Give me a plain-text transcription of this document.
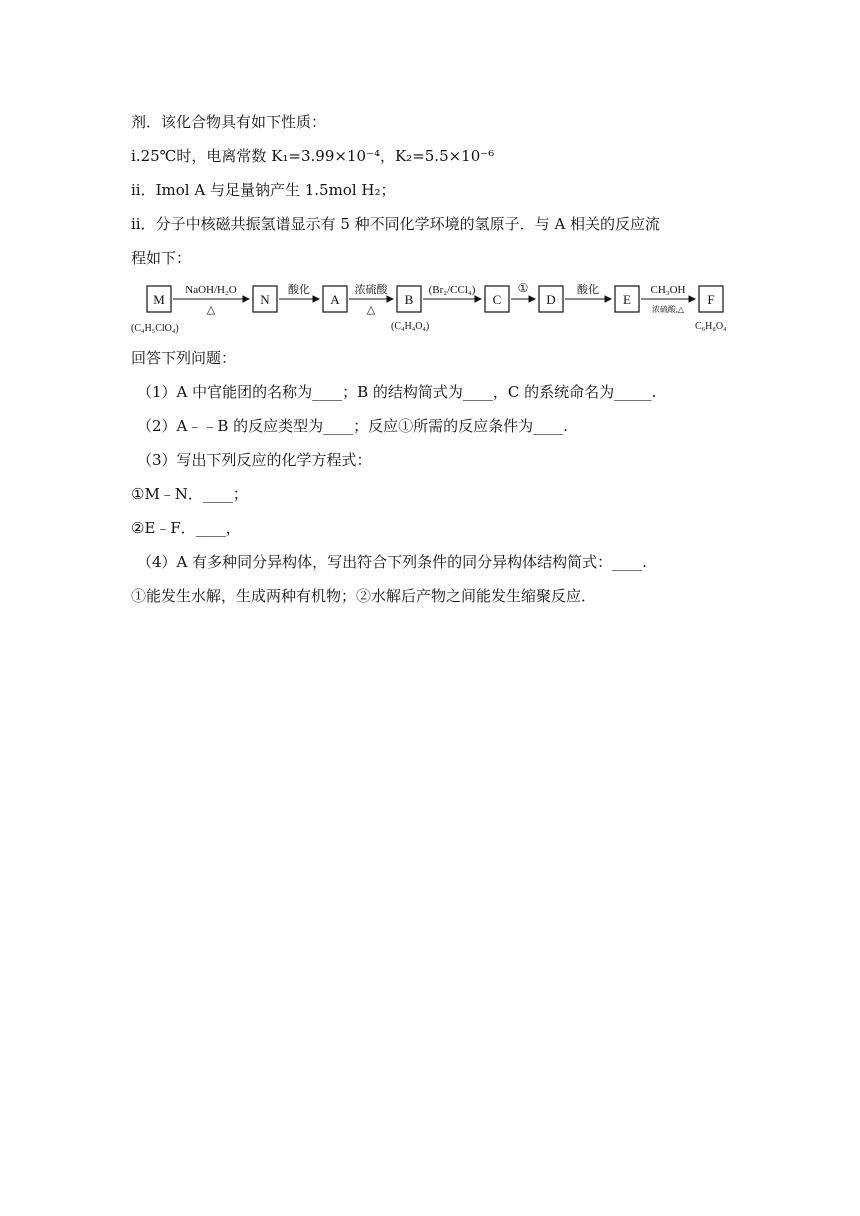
剂．该化合物具有如下性质：
i.25℃时，电离常数 K₁=3.99×10⁻⁴，K₂=5.5×10⁻⁶
ii．Imol A 与足量钠产生 1.5mol H₂；
ii．分子中核磁共振氢谱显示有 5 种不同化学环境的氢原子．与 A 相关的反应流
程如下：
M
(C₄H₅ClO₄)
NaOH/H₂O
△
N
酸化
A
浓硫酸
△
B
(C₄H₄O₄)
(Br₂/CCl₄)
C
①
D
酸化
E
CH₃OH
浓硫酸,△
F
C₆H₈O₄
回答下列问题：
（1）A 中官能团的名称为____；B 的结构简式为____，C 的系统命名为_____.
（2）A﹣﹣B 的反应类型为____；反应①所需的反应条件为____.
（3）写出下列反应的化学方程式：
①M﹣N．____；
②E﹣F．____，
（4）A 有多种同分异构体，写出符合下列条件的同分异构体结构简式：____.
①能发生水解，生成两种有机物；②水解后产物之间能发生缩聚反应．
